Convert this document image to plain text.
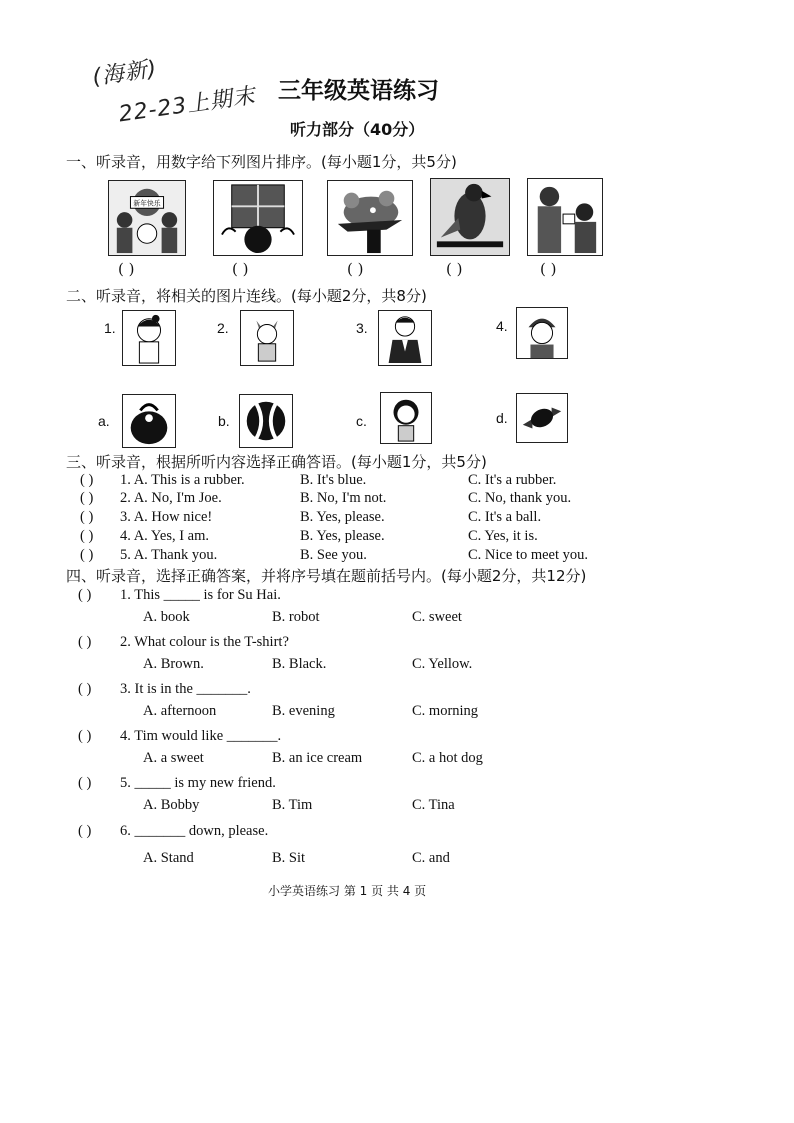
(海新)
22-23上期末 三年级英语练习
听力部分（40分）
一、听录音，用数字给下列图片排序。(每小题1分，共5分)
新年快乐
( )	( )	( )	( )	( )
二、听录音，将相关的图片连线。(每小题2分，共8分)
1.	2.	3.	4.
a.	b.	c.	d.
三、听录音，根据所听内容选择正确答语。(每小题1分，共5分)
( ) 1. A. This is a rubber.	B. It's blue.	C. It's a rubber.
( ) 2. A. No, I'm Joe.	B. No, I'm not.	C. No, thank you.
( ) 3. A. How nice!	B. Yes, please.	C. It's a ball.
( ) 4. A. Yes, I am.	B. Yes, please.	C. Yes, it is.
( ) 5. A. Thank you.	B. See you.	C. Nice to meet you.
四、听录音，选择正确答案，并将序号填在题前括号内。(每小题2分，共12分)
( ) 1. This _____ is for Su Hai.
A. book	B. robot	C. sweet
( ) 2. What colour is the T-shirt?
A. Brown.	B. Black.	C. Yellow.
( ) 3. It is in the _______.
A. afternoon	B. evening	C. morning
( ) 4. Tim would like _______.
A. a sweet	B. an ice cream	C. a hot dog
( ) 5. _____ is my new friend.
A. Bobby	B. Tim	C. Tina
( ) 6. _______ down, please.
A. Stand	B. Sit	C. and
小学英语练习 第 1 页 共 4 页
